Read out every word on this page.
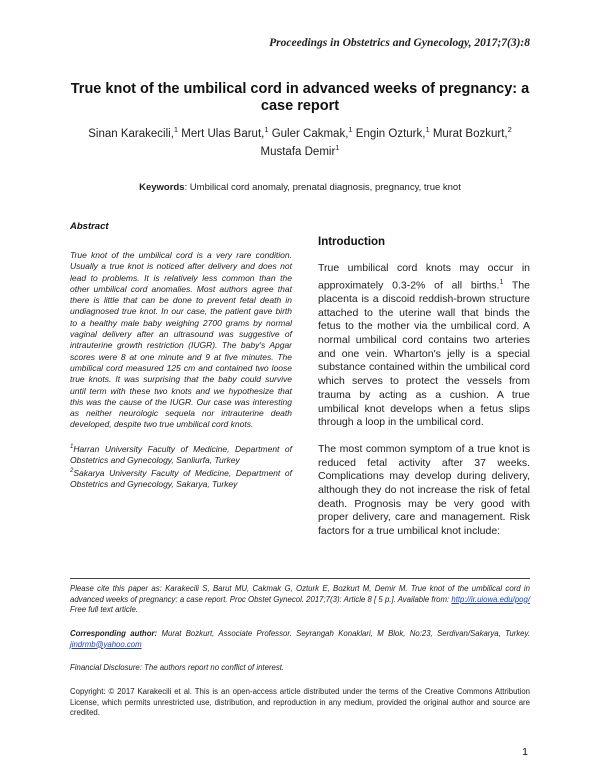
Proceedings in Obstetrics and Gynecology, 2017;7(3):8
True knot of the umbilical cord in advanced weeks of pregnancy: a case report
Sinan Karakecili,$^1$ Mert Ulas Barut,$^1$ Guler Cakmak,$^1$ Engin Ozturk,$^1$ Murat Bozkurt,$^2$
Mustafa Demir$^1$
Keywords: Umbilical cord anomaly, prenatal diagnosis, pregnancy, true knot
Abstract
True knot of the umbilical cord is a very rare condition. Usually a true knot is noticed after delivery and does not lead to problems. It is relatively less common than the other umbilical cord anomalies. Most authors agree that there is little that can be done to prevent fetal death in undiagnosed true knot. In our case, the patient gave birth to a healthy male baby weighing 2700 grams by normal vaginal delivery after an ultrasound was suggestive of intrauterine growth restriction (IUGR). The baby's Apgar scores were 8 at one minute and 9 at five minutes. The umbilical cord measured 125 cm and contained two loose true knots. It was surprising that the baby could survive until term with these two knots and we hypothesize that this was the cause of the IUGR. Our case was interesting as neither neurologic sequela nor intrauterine death developed, despite two true umbilical cord knots.
$^1$Harran University Faculty of Medicine, Department of Obstetrics and Gynecology, Sanliurfa, Turkey
$^2$Sakarya University Faculty of Medicine, Department of Obstetrics and Gynecology, Sakarya, Turkey
Introduction
True umbilical cord knots may occur in approximately 0.3-2% of all births.$^1$ The placenta is a discoid reddish-brown structure attached to the uterine wall that binds the fetus to the mother via the umbilical cord. A normal umbilical cord contains two arteries and one vein. Wharton's jelly is a special substance contained within the umbilical cord which serves to protect the vessels from trauma by acting as a cushion. A true umbilical knot develops when a fetus slips through a loop in the umbilical cord.
The most common symptom of a true knot is reduced fetal activity after 37 weeks. Complications may develop during delivery, although they do not increase the risk of fetal death. Prognosis may be very good with proper delivery, care and management. Risk factors for a true umbilical knot include:
Please cite this paper as: Karakecili S, Barut MU, Cakmak G, Ozturk E, Bozkurt M, Demir M. True knot of the umbilical cord in advanced weeks of pregnancy: a case report. Proc Obstet Gynecol. 2017;7(3): Article 8 [ 5 p.]. Available from: http://ir.uiowa.edu/pog/ Free full text article.
Corresponding author: Murat Bozkurt, Associate Professor. Seyrangah Konaklari, M Blok, No:23, Serdivan/Sakarya, Turkey. jindrmb@yahoo.com
Financial Disclosure: The authors report no conflict of interest.
Copyright: © 2017 Karakecili et al. This is an open-access article distributed under the terms of the Creative Commons Attribution License, which permits unrestricted use, distribution, and reproduction in any medium, provided the original author and source are credited.
1
